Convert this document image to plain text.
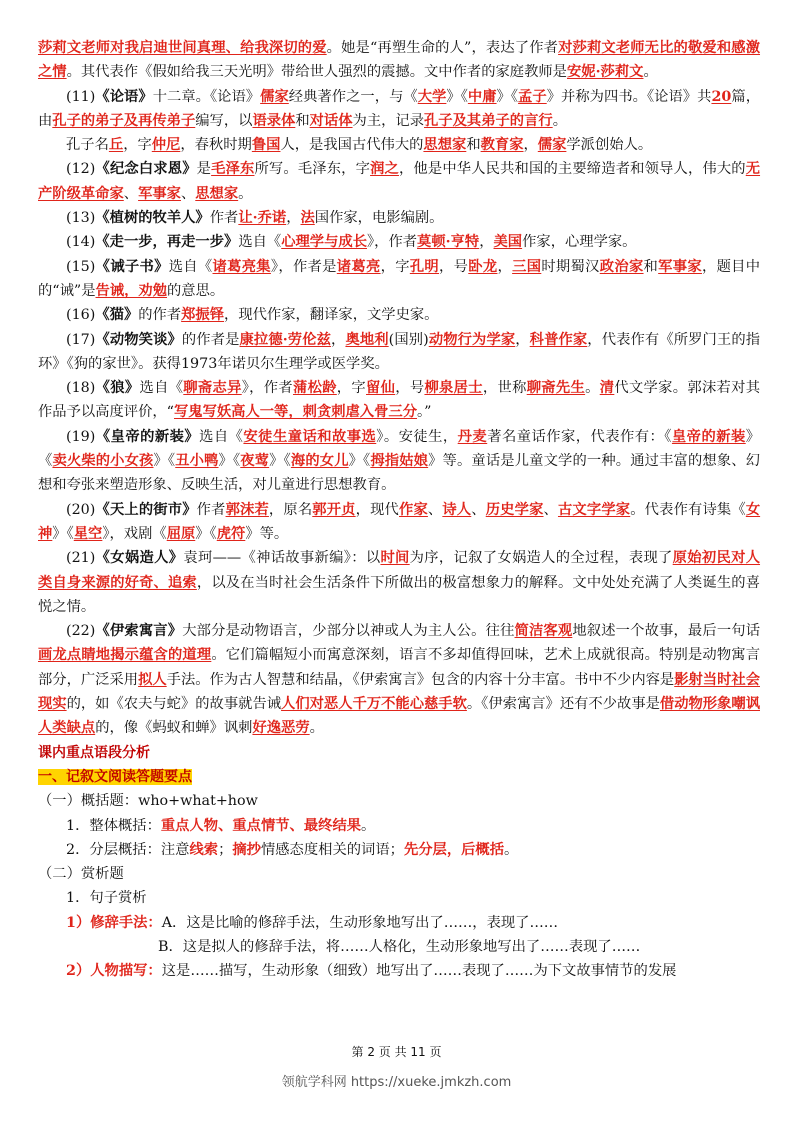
莎莉文老师对我启迪世间真理、给我深切的爱。她是“再塑生命的人”，表达了作者对莎莉文老师无比的敬爱和感激之情。其代表作《假如给我三天光明》带给世人强烈的震撼。文中作者的家庭教师是安妮·莎莉文。

(11)《论语》十二章。《论语》儒家经典著作之一，与《大学》《中庸》《孟子》并称为四书。《论语》共20篇，由孔子的弟子及再传弟子编写，以语录体和对话体为主，记录孔子及其弟子的言行。

孔子名丘，字仲尼，春秋时期鲁国人，是我国古代伟大的思想家和教育家，儒家学派创始人。

(12)《纪念白求恩》是毛泽东所写。毛泽东，字润之，他是中华人民共和国的主要缔造者和领导人，伟大的无产阶级革命家、军事家、思想家。

(13)《植树的牧羊人》作者让·乔诺，法国作家，电影编剧。

(14)《走一步，再走一步》选自《心理学与成长》，作者莫顿·亨特，美国作家，心理学家。

(15)《诫子书》选自《诸葛亮集》，作者是诸葛亮，字孔明，号卧龙，三国时期蜀汉政治家和军事家，题目中的“诫”是告诫，劝勉的意思。

(16)《猫》的作者郑振铎，现代作家，翻译家，文学史家。

(17)《动物笑谈》的作者是康拉德·劳伦兹，奥地利(国别)动物行为学家，科普作家，代表作有《所罗门王的指环》《狗的家世》。获得1973年诺贝尔生理学或医学奖。

(18)《狼》选自《聊斋志异》，作者蒲松龄，字留仙，号柳泉居士，世称聊斋先生。清代文学家。郭沫若对其作品予以高度评价，“写鬼写妖高人一等，刺贪刺虐入骨三分。”

(19)《皇帝的新装》选自《安徒生童话和故事选》。安徒生，丹麦著名童话作家，代表作有：《皇帝的新装》《卖火柴的小女孩》《丑小鸭》《夜莺》《海的女儿》《拇指姑娘》等。童话是儿童文学的一种。通过丰富的想象、幻想和夸张来塑造形象、反映生活，对儿童进行思想教育。

(20)《天上的街市》作者郭沫若，原名郭开贞，现代作家、诗人、历史学家、古文字学家。代表作有诗集《女神》《星空》，戏剧《屈原》《虎符》等。

(21)《女娲造人》袁珂——《神话故事新编》：以时间为序，记叙了女娲造人的全过程，表现了原始初民对人类自身来源的好奇、追索，以及在当时社会生活条件下所做出的极富想象力的解释。文中处处充满了人类诞生的喜悦之情。

(22)《伊索寓言》大部分是动物语言，少部分以神或人为主人公。往往简洁客观地叙述一个故事，最后一句话画龙点睛地揭示蕴含的道理。它们篇幅短小而寓意深刻，语言不多却值得回味，艺术上成就很高。特别是动物寓言部分，广泛采用拟人手法。作为古人智慧和结晶，《伊索寓言》包含的内容十分丰富。书中不少内容是影射当时社会现实的，如《农夫与蛇》的故事就告诫人们对恶人千万不能心慈手软。《伊索寓言》还有不少故事是借动物形象嘲讽人类缺点的，像《蚂蚁和蝉》讽刺好逸恶劳。

课内重点语段分析

一、记叙文阅读答题要点

（一）概括题：who+what+how

1．整体概括：重点人物、重点情节、最终结果。

2．分层概括：注意线索；摘抄情感态度相关的词语；先分层，后概括。

（二）赏析题

1．句子赏析

1）修辞手法：A．这是比喻的修辞手法，生动形象地写出了……，表现了……

B．这是拟人的修辞手法，将……人格化，生动形象地写出了……表现了……

2）人物描写：这是……描写，生动形象（细致）地写出了……表现了……为下文故事情节的发展

第 2 页 共 11 页
领航学科网 https://xueke.jmkzh.com
